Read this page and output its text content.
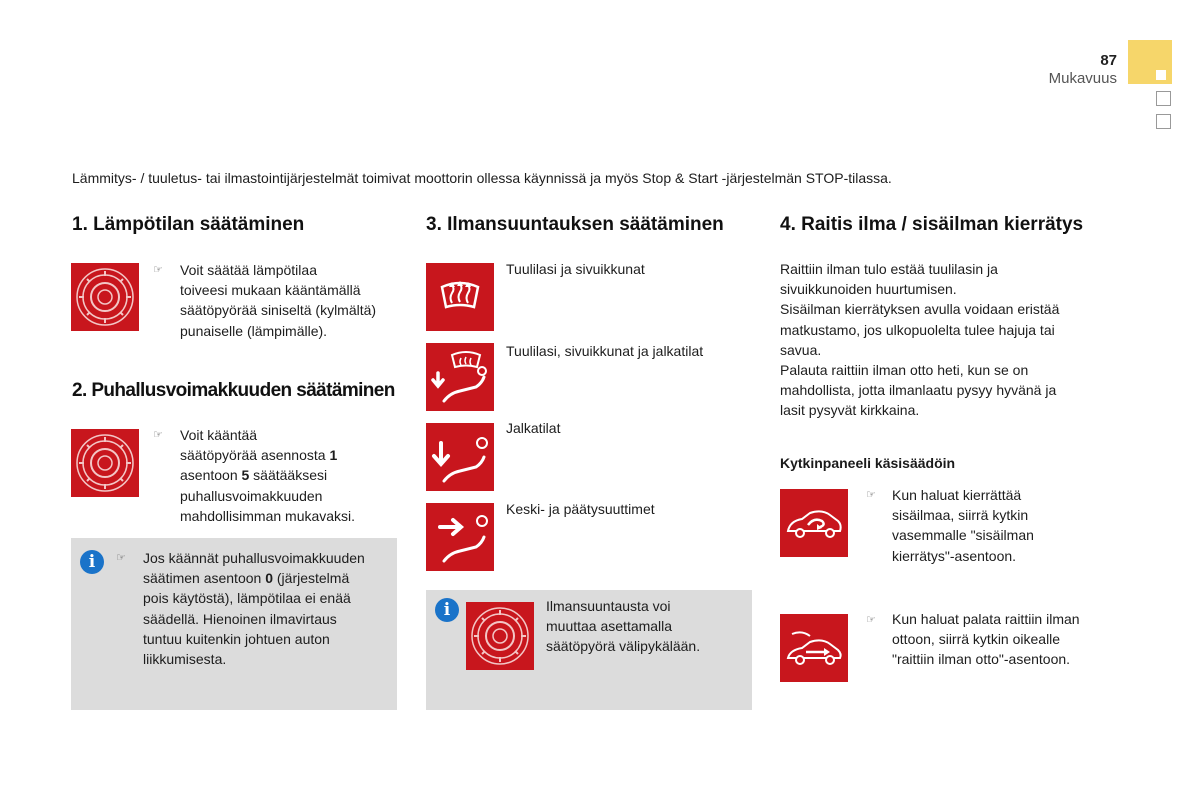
87
Mukavuus
Lämmitys- / tuuletus- tai ilmastointijärjestelmät toimivat moottorin ollessa käynnissä ja myös Stop & Start -järjestelmän STOP-tilassa.
1. Lämpötilan säätäminen
☞ Voit säätää lämpötilaa
toiveesi mukaan kääntämällä
säätöpyörää siniseltä (kylmältä)
punaiselle (lämpimälle).
2. Puhallusvoimakkuuden säätäminen
☞ Voit kääntää
säätöpyörää asennosta 1
asentoon 5 säätääksesi
puhallusvoimakkuuden
mahdollisimman mukavaksi.
i	☞ Jos käännät puhallusvoimakkuuden
säätimen asentoon 0 (järjestelmä
pois käytöstä), lämpötilaa ei enää
säädellä. Hienoinen ilmavirtaus
tuntuu kuitenkin johtuen auton
liikkumisesta.
3. Ilmansuuntauksen säätäminen
Tuulilasi ja sivuikkunat
Tuulilasi, sivuikkunat ja jalkatilat
Jalkatilat
Keski- ja päätysuuttimet
i	Ilmansuuntausta voi
muuttaa asettamalla
säätöpyörä välipykälään.
4. Raitis ilma / sisäilman kierrätys
Raittiin ilman tulo estää tuulilasin ja
sivuikkunoiden huurtumisen.
Sisäilman kierrätyksen avulla voidaan eristää
matkustamo, jos ulkopuolelta tulee hajuja tai
savua.
Palauta raittiin ilman otto heti, kun se on
mahdollista, jotta ilmanlaatu pysyy hyvänä ja
lasit pysyvät kirkkaina.
Kytkinpaneeli käsisäädöin
☞ Kun haluat kierrättää
sisäilmaa, siirrä kytkin
vasemmalle "sisäilman
kierrätys"-asentoon.
☞ Kun haluat palata raittiin ilman
ottoon, siirrä kytkin oikealle
"raittiin ilman otto"-asentoon.
